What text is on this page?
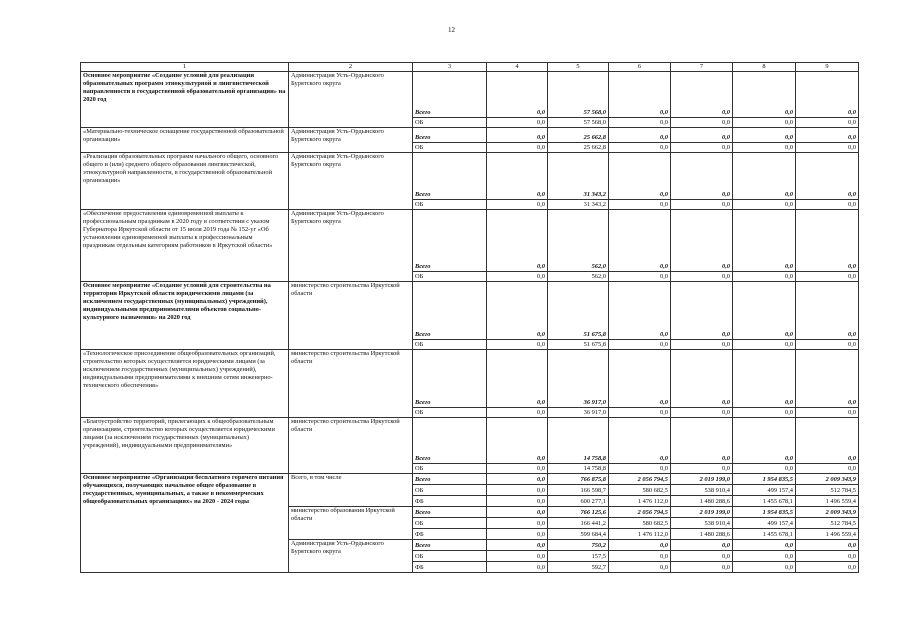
12
1	2	3	4	5	6	7	8	9
Основное мероприятие «Создание условий для реализации образовательных программ этнокультурной и лингвистической направленности в государственной образовательной организации» на 2020 год	Администрация Усть-Ордынского Бурятского округа	Всего	0,0	57 568,0	0,0	0,0	0,0	0,0
		ОБ	0,0	57 568,0	0,0	0,0	0,0	0,0
«Материально-техническое оснащение государственной образовательной организации»	Администрация Усть-Ордынского Бурятского округа	Всего	0,0	25 662,8	0,0	0,0	0,0	0,0
		ОБ	0,0	25 662,8	0,0	0,0	0,0	0,0
«Реализация образовательных программ начального общего, основного общего и (или) среднего общего образования лингвистической, этнокультурной направленности, в государственной образовательной организации»	Администрация Усть-Ордынского Бурятского округа	Всего	0,0	31 343,2	0,0	0,0	0,0	0,0
		ОБ	0,0	31 343,2	0,0	0,0	0,0	0,0
«Обеспечение предоставления единовременной выплаты к профессиональным праздникам в 2020 году в соответствии с указом Губернатора Иркутской области от 15 июля 2019 года № 152-уг «Об установлении единовременной выплаты к профессиональным праздникам отдельным категориям работников в Иркутской области»	Администрация Усть-Ордынского Бурятского округа	Всего	0,0	562,0	0,0	0,0	0,0	0,0
		ОБ	0,0	562,0	0,0	0,0	0,0	0,0
Основное мероприятие «Создание условий для строительства на территории Иркутской области юридическими лицами (за исключением государственных (муниципальных) учреждений), индивидуальными предпринимателями объектов социально-культурного назначения» на 2020 год	министерство строительства Иркутской области	Всего	0,0	51 675,8	0,0	0,0	0,0	0,0
		ОБ	0,0	51 675,8	0,0	0,0	0,0	0,0
«Технологическое присоединение общеобразовательных организаций, строительство которых осуществляется юридическими лицами (за исключением государственных (муниципальных) учреждений), индивидуальными предпринимателями к внешним сетям инженерно-технического обеспечения»	министерство строительства Иркутской области	Всего	0,0	36 917,0	0,0	0,0	0,0	0,0
		ОБ	0,0	36 917,0	0,0	0,0	0,0	0,0
«Благоустройство территорий, прилегающих к общеобразовательным организациям, строительство которых осуществляется юридическими лицами (за исключением государственных (муниципальных) учреждений), индивидуальными предпринимателями»	министерство строительства Иркутской области	Всего	0,0	14 758,8	0,0	0,0	0,0	0,0
		ОБ	0,0	14 758,8	0,0	0,0	0,0	0,0
Основное мероприятие «Организация бесплатного горячего питания обучающихся, получающих начальное общее образование в государственных, муниципальных, а также в некоммерческих общеобразовательных организациях» на 2020 - 2024 годы	Всего, в том числе	Всего	0,0	766 875,8	2 056 794,5	2 019 199,0	1 954 835,5	2 009 343,9
		ОБ	0,0	166 598,7	580 682,5	538 910,4	499 157,4	512 784,5
		ФБ	0,0	600 277,1	1 476 112,0	1 480 288,6	1 455 678,1	1 496 559,4
	министерство образования Иркутской области	Всего	0,0	766 125,6	2 056 794,5	2 019 199,0	1 954 835,5	2 009 343,9
		ОБ	0,0	166 441,2	580 682,5	538 910,4	499 157,4	512 784,5
		ФБ	0,0	599 684,4	1 476 112,0	1 480 288,6	1 455 678,1	1 496 559,4
	Администрация Усть-Ордынского Бурятского округа	Всего	0,0	750,2	0,0	0,0	0,0	0,0
		ОБ	0,0	157,5	0,0	0,0	0,0	0,0
		ФБ	0,0	592,7	0,0	0,0	0,0	0,0
